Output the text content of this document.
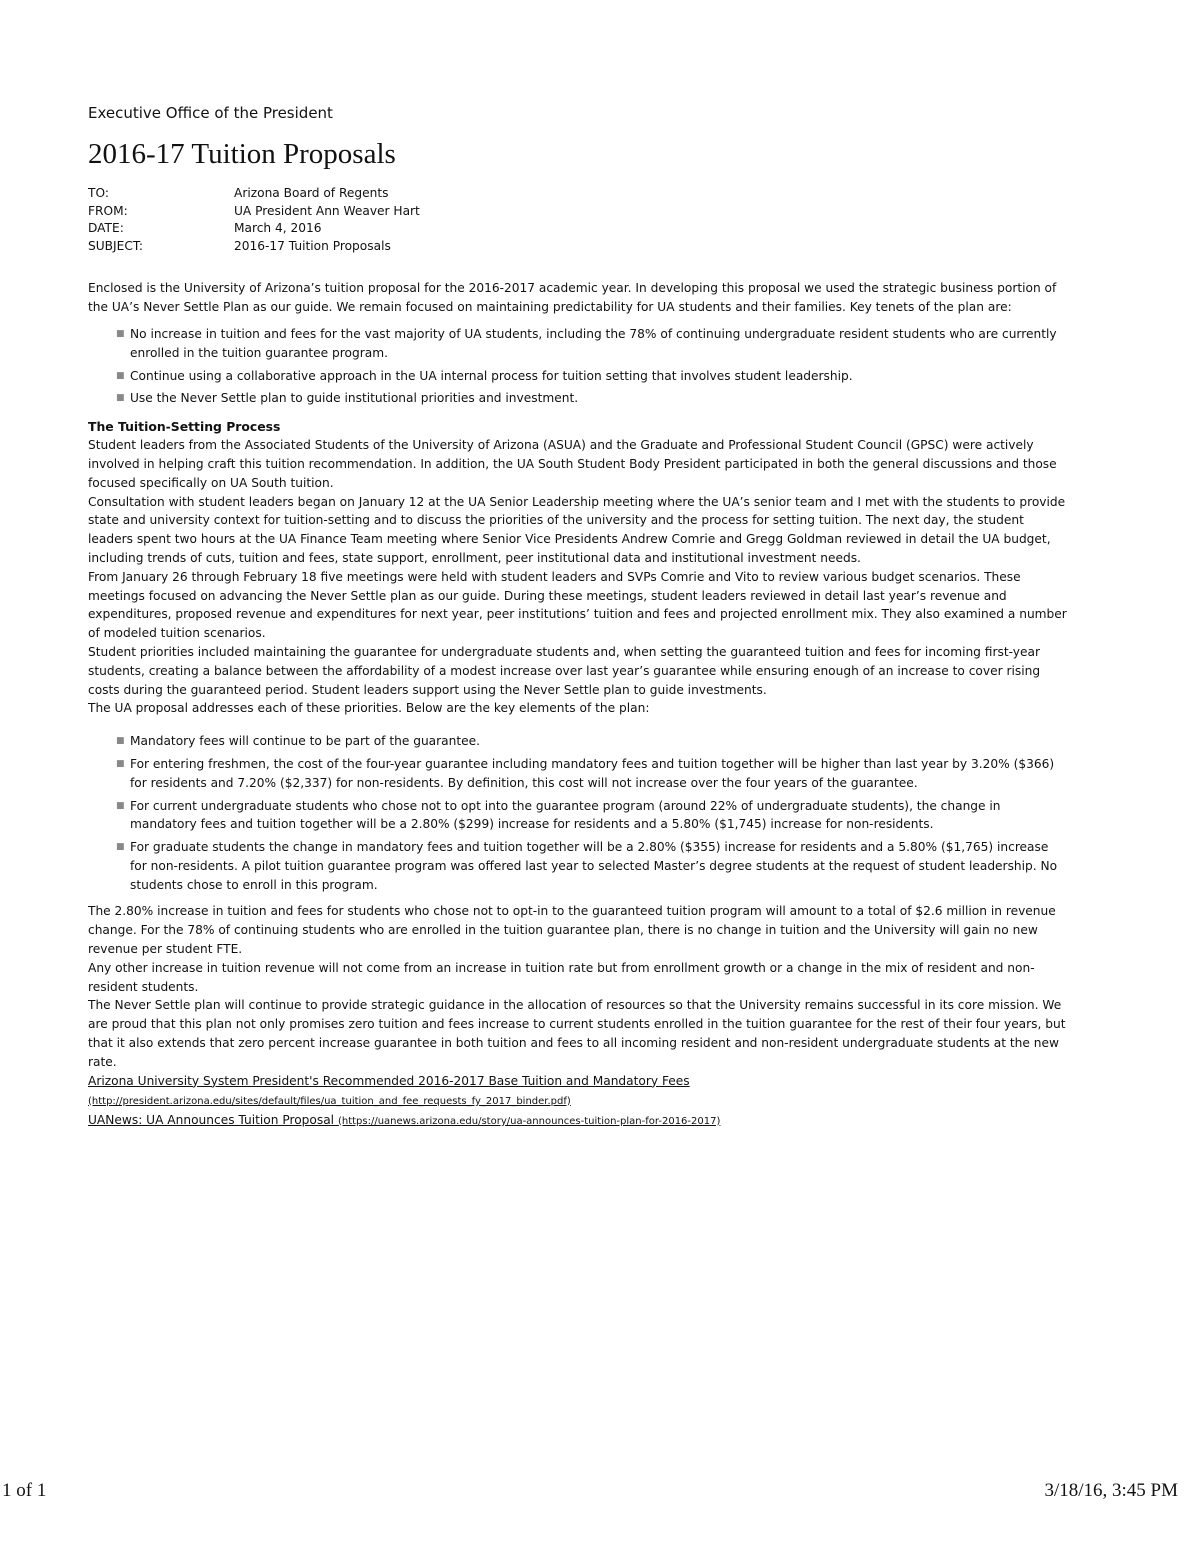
Executive Office of the President
2016-17 Tuition Proposals
TO:	Arizona Board of Regents
FROM:	UA President Ann Weaver Hart
DATE:	March 4, 2016
SUBJECT:	2016-17 Tuition Proposals

Enclosed is the University of Arizona’s tuition proposal for the 2016-2017 academic year. In developing this proposal we used the strategic business portion of the UA’s Never Settle Plan as our guide. We remain focused on maintaining predictability for UA students and their families. Key tenets of the plan are:

■ No increase in tuition and fees for the vast majority of UA students, including the 78% of continuing undergraduate resident students who are currently enrolled in the tuition guarantee program.
■ Continue using a collaborative approach in the UA internal process for tuition setting that involves student leadership.
■ Use the Never Settle plan to guide institutional priorities and investment.
The Tuition-Setting Process

Student leaders from the Associated Students of the University of Arizona (ASUA) and the Graduate and Professional Student Council (GPSC) were actively involved in helping craft this tuition recommendation. In addition, the UA South Student Body President participated in both the general discussions and those focused specifically on UA South tuition.

Consultation with student leaders began on January 12 at the UA Senior Leadership meeting where the UA’s senior team and I met with the students to provide state and university context for tuition-setting and to discuss the priorities of the university and the process for setting tuition. The next day, the student leaders spent two hours at the UA Finance Team meeting where Senior Vice Presidents Andrew Comrie and Gregg Goldman reviewed in detail the UA budget, including trends of cuts, tuition and fees, state support, enrollment, peer institutional data and institutional investment needs.

From January 26 through February 18 five meetings were held with student leaders and SVPs Comrie and Vito to review various budget scenarios. These meetings focused on advancing the Never Settle plan as our guide. During these meetings, student leaders reviewed in detail last year’s revenue and expenditures, proposed revenue and expenditures for next year, peer institutions’ tuition and fees and projected enrollment mix. They also examined a number of modeled tuition scenarios.

Student priorities included maintaining the guarantee for undergraduate students and, when setting the guaranteed tuition and fees for incoming first-year students, creating a balance between the affordability of a modest increase over last year’s guarantee while ensuring enough of an increase to cover rising costs during the guaranteed period. Student leaders support using the Never Settle plan to guide investments.

The UA proposal addresses each of these priorities. Below are the key elements of the plan:

■ Mandatory fees will continue to be part of the guarantee.
■ For entering freshmen, the cost of the four-year guarantee including mandatory fees and tuition together will be higher than last year by 3.20% ($366) for residents and 7.20% ($2,337) for non-residents. By definition, this cost will not increase over the four years of the guarantee.
■ For current undergraduate students who chose not to opt into the guarantee program (around 22% of undergraduate students), the change in mandatory fees and tuition together will be a 2.80% ($299) increase for residents and a 5.80% ($1,745) increase for non-residents.
■ For graduate students the change in mandatory fees and tuition together will be a 2.80% ($355) increase for residents and a 5.80% ($1,765) increase for non-residents. A pilot tuition guarantee program was offered last year to selected Master’s degree students at the request of student leadership. No students chose to enroll in this program.

The 2.80% increase in tuition and fees for students who chose not to opt-in to the guaranteed tuition program will amount to a total of $2.6 million in revenue change. For the 78% of continuing students who are enrolled in the tuition guarantee plan, there is no change in tuition and the University will gain no new revenue per student FTE.

Any other increase in tuition revenue will not come from an increase in tuition rate but from enrollment growth or a change in the mix of resident and non-resident students.

The Never Settle plan will continue to provide strategic guidance in the allocation of resources so that the University remains successful in its core mission. We are proud that this plan not only promises zero tuition and fees increase to current students enrolled in the tuition guarantee for the rest of their four years, but that it also extends that zero percent increase guarantee in both tuition and fees to all incoming resident and non-resident undergraduate students at the new rate.

Arizona University System President's Recommended 2016-2017 Base Tuition and Mandatory Fees (http://president.arizona.edu/sites/default/files/ua_tuition_and_fee_requests_fy_2017_binder.pdf)
UANews: UA Announces Tuition Proposal (https://uanews.arizona.edu/story/ua-announces-tuition-plan-for-2016-2017)
1 of 1	3/18/16, 3:45 PM
